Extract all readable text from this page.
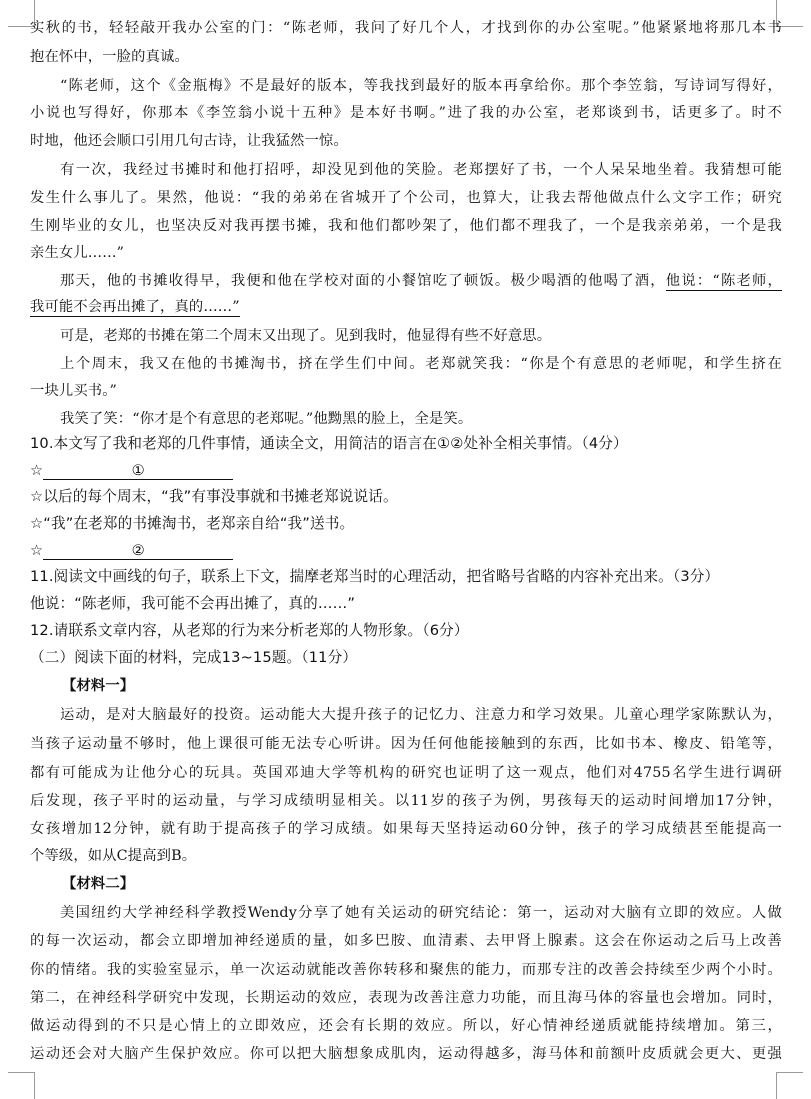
实秋的书，轻轻敲开我办公室的门：“陈老师，我问了好几个人，才找到你的办公室呢。”他紧紧地将那几本书
抱在怀中，一脸的真诚。
“陈老师，这个《金瓶梅》不是最好的版本，等我找到最好的版本再拿给你。那个李笠翁，写诗词写得好，
小说也写得好，你那本《李笠翁小说十五种》是本好书啊。”进了我的办公室，老郑谈到书，话更多了。时不
时地，他还会顺口引用几句古诗，让我猛然一惊。
有一次，我经过书摊时和他打招呼，却没见到他的笑脸。老郑摆好了书，一个人呆呆地坐着。我猜想可能
发生什么事儿了。果然，他说：“我的弟弟在省城开了个公司，也算大，让我去帮他做点什么文字工作；研究
生刚毕业的女儿，也坚决反对我再摆书摊，我和他们都吵架了，他们都不理我了，一个是我亲弟弟，一个是我
亲生女儿……”
那天，他的书摊收得早，我便和他在学校对面的小餐馆吃了顿饭。极少喝酒的他喝了酒，他说：“陈老师，
我可能不会再出摊了，真的……”
可是，老郑的书摊在第二个周末又出现了。见到我时，他显得有些不好意思。
上个周末，我又在他的书摊淘书，挤在学生们中间。老郑就笑我：“你是个有意思的老师呢，和学生挤在
一块儿买书。”
我笑了笑：“你才是个有意思的老郑呢。”他黝黑的脸上，全是笑。
10.本文写了我和老郑的几件事情，通读全文，用简洁的语言在①②处补全相关事情。（4分）
☆	①
☆以后的每个周末，“我”有事没事就和书摊老郑说说话。
☆“我”在老郑的书摊淘书，老郑亲自给“我”送书。
☆	②
11.阅读文中画线的句子，联系上下文，揣摩老郑当时的心理活动，把省略号省略的内容补充出来。（3分）
他说：“陈老师，我可能不会再出摊了，真的……”
12.请联系文章内容，从老郑的行为来分析老郑的人物形象。（6分）
（二）阅读下面的材料，完成13~15题。（11分）
【材料一】
运动，是对大脑最好的投资。运动能大大提升孩子的记忆力、注意力和学习效果。儿童心理学家陈默认为，
当孩子运动量不够时，他上课很可能无法专心听讲。因为任何他能接触到的东西，比如书本、橡皮、铅笔等，
都有可能成为让他分心的玩具。英国邓迪大学等机构的研究也证明了这一观点，他们对4755名学生进行调研
后发现，孩子平时的运动量，与学习成绩明显相关。以11岁的孩子为例，男孩每天的运动时间增加17分钟，
女孩增加12分钟，就有助于提高孩子的学习成绩。如果每天坚持运动60分钟，孩子的学习成绩甚至能提高一
个等级，如从C提高到B。
【材料二】
美国纽约大学神经科学教授Wendy分享了她有关运动的研究结论：第一，运动对大脑有立即的效应。人做
的每一次运动，都会立即增加神经递质的量，如多巴胺、血清素、去甲肾上腺素。这会在你运动之后马上改善
你的情绪。我的实验室显示，单一次运动就能改善你转移和聚焦的能力，而那专注的改善会持续至少两个小时。
第二，在神经科学研究中发现，长期运动的效应，表现为改善注意力功能，而且海马体的容量也会增加。同时，
做运动得到的不只是心情上的立即效应，还会有长期的效应。所以，好心情神经递质就能持续增加。第三，
运动还会对大脑产生保护效应。你可以把大脑想象成肌肉，运动得越多，海马体和前额叶皮质就会更大、更强
